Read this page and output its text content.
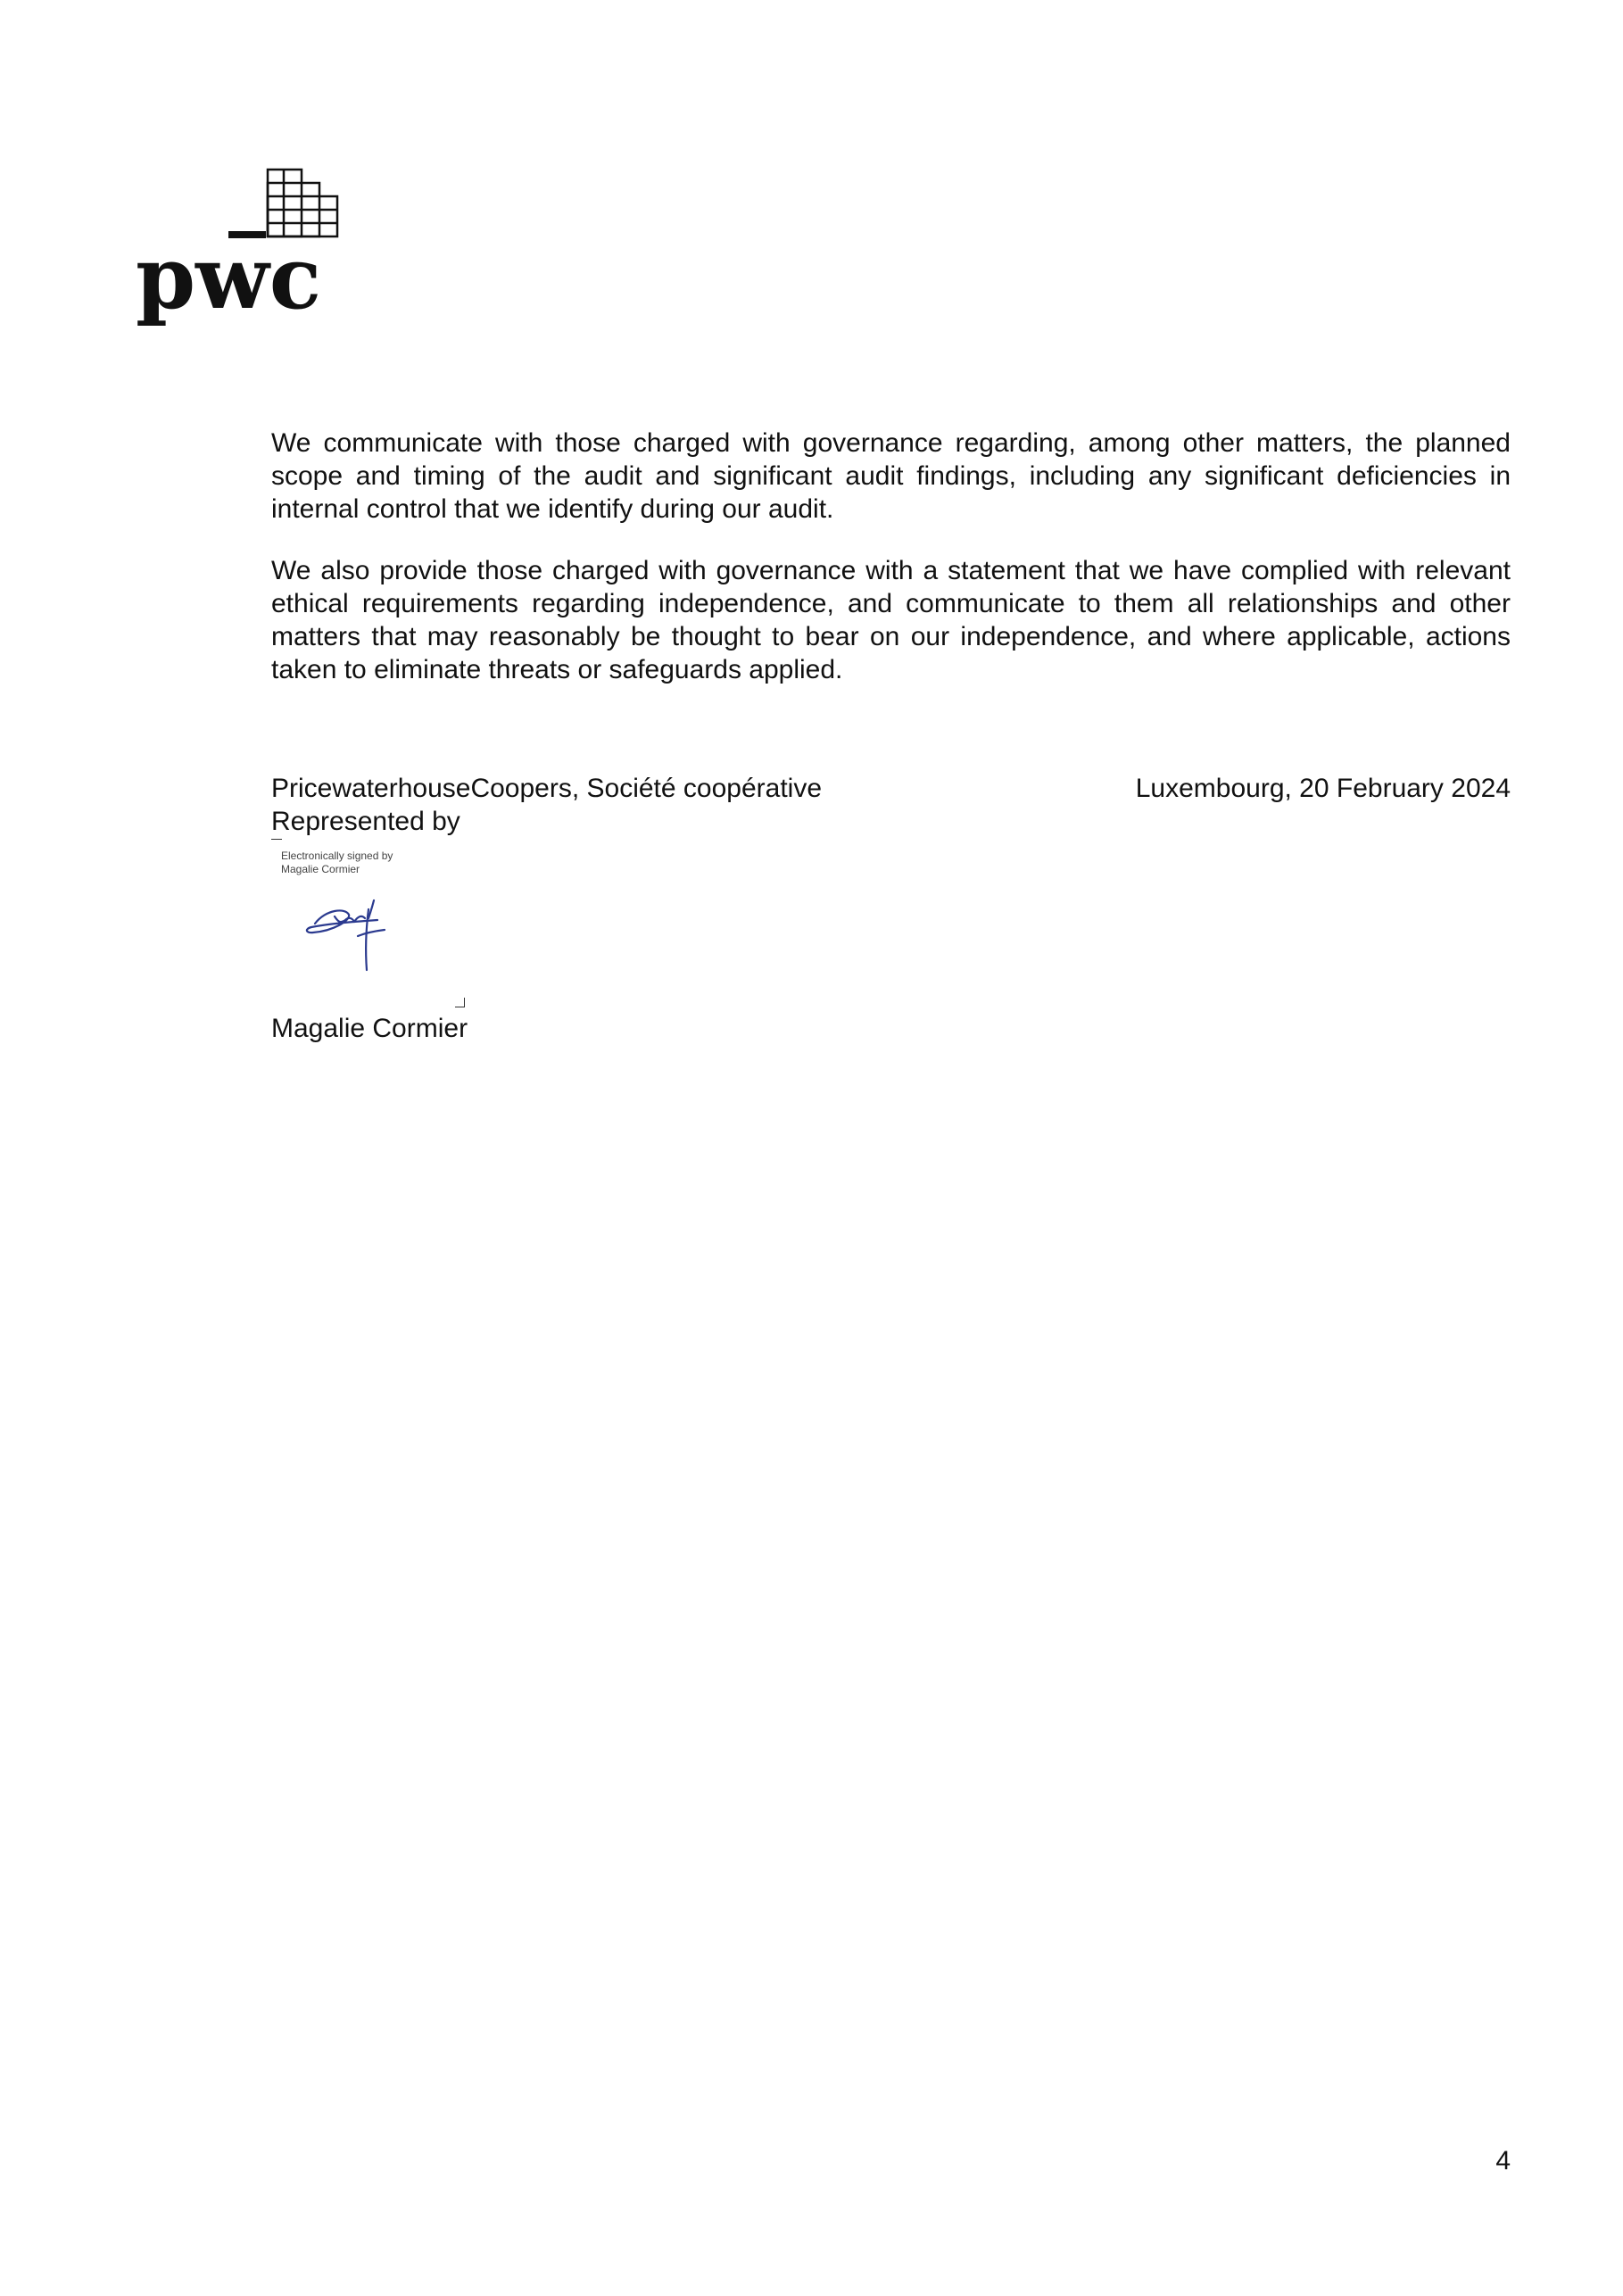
pwc

We communicate with those charged with governance regarding, among other matters, the planned scope and timing of the audit and significant audit findings, including any significant deficiencies in internal control that we identify during our audit.

We also provide those charged with governance with a statement that we have complied with relevant ethical requirements regarding independence, and communicate to them all relationships and other matters that may reasonably be thought to bear on our independence, and where applicable, actions taken to eliminate threats or safeguards applied.

PricewaterhouseCoopers, Société coopérative

Represented by

Luxembourg, 20 February 2024

Electronically signed by
Magalie Cormier

Magalie Cormier

4
